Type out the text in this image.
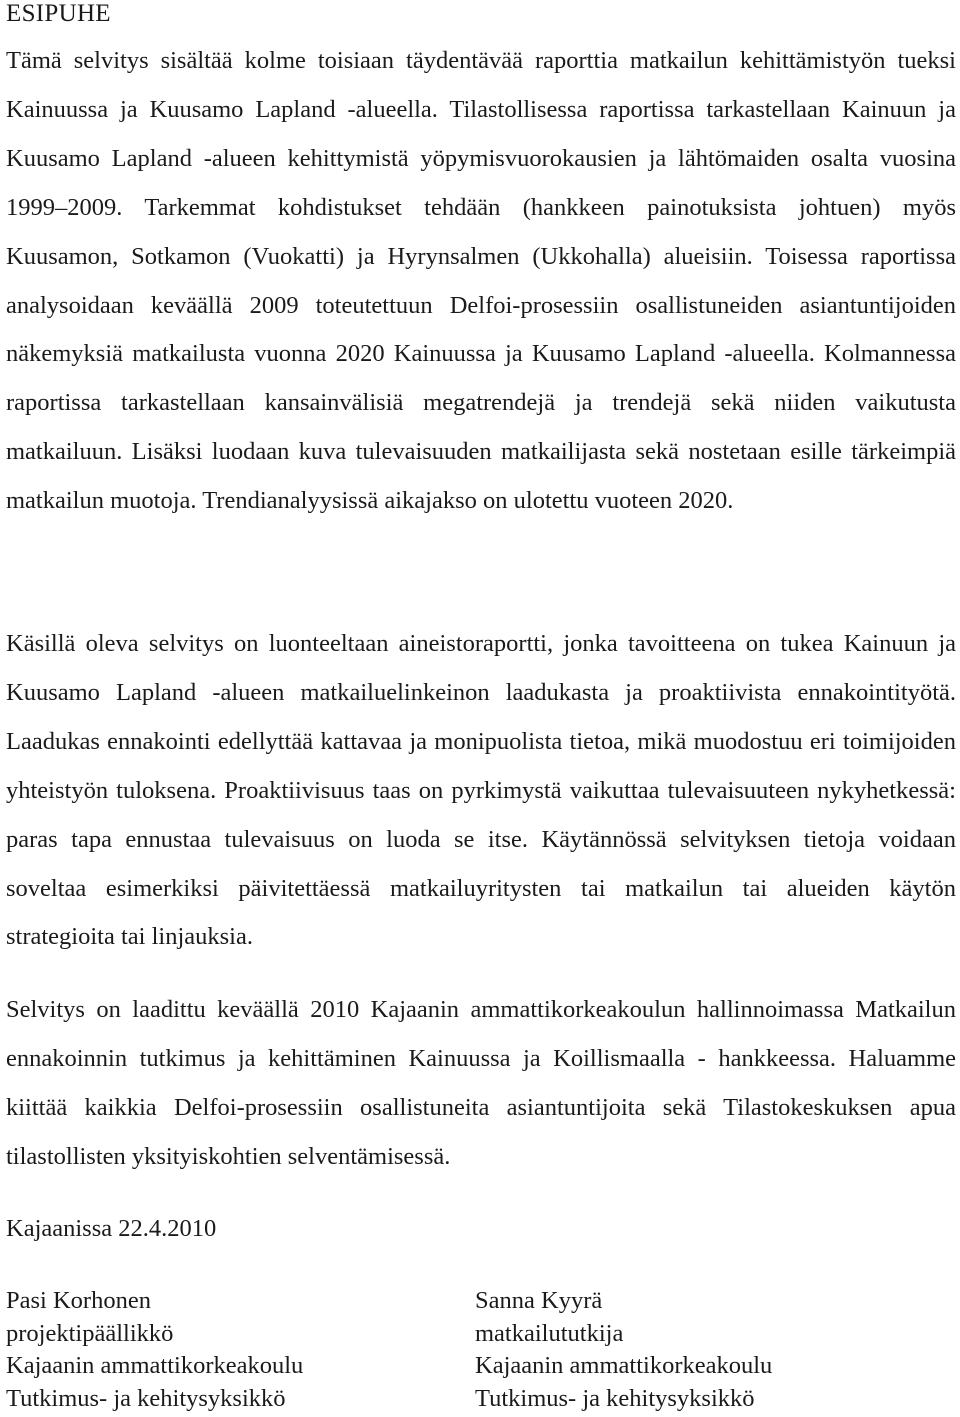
ESIPUHE

Tämä selvitys sisältää kolme toisiaan täydentävää raporttia matkailun kehittämistyön tueksi Kainuussa ja Kuusamo Lapland -alueella. Tilastollisessa raportissa tarkastellaan Kainuun ja Kuusamo Lapland -alueen kehittymistä yöpymisvuorokausien ja lähtömaiden osalta vuosina 1999–2009. Tarkemmat kohdistukset tehdään (hankkeen painotuksista johtuen) myös Kuusamon, Sotkamon (Vuokatti) ja Hyrynsalmen (Ukkohalla) alueisiin. Toisessa raportissa analysoidaan keväällä 2009 toteutettuun Delfoi-prosessiin osallistuneiden asiantuntijoiden näkemyksiä matkailusta vuonna 2020 Kainuussa ja Kuusamo Lapland -alueella. Kolmannessa raportissa tarkastellaan kansainvälisiä megatrendejä ja trendejä sekä niiden vaikutusta matkailuun. Lisäksi luodaan kuva tulevaisuuden matkailijasta sekä nostetaan esille tärkeimpiä matkailun muotoja. Trendianalyysissä aikajakso on ulotettu vuoteen 2020.

Käsillä oleva selvitys on luonteeltaan aineistoraportti, jonka tavoitteena on tukea Kainuun ja Kuusamo Lapland -alueen matkailuelinkeinon laadukasta ja proaktiivista ennakointityötä. Laadukas ennakointi edellyttää kattavaa ja monipuolista tietoa, mikä muodostuu eri toimijoiden yhteistyön tuloksena. Proaktiivisuus taas on pyrkimystä vaikuttaa tulevaisuuteen nykyhetkessä: paras tapa ennustaa tulevaisuus on luoda se itse. Käytännössä selvityksen tietoja voidaan soveltaa esimerkiksi päivitettäessä matkailuyritysten tai matkailun tai alueiden käytön strategioita tai linjauksia.

Selvitys on laadittu keväällä 2010 Kajaanin ammattikorkeakoulun hallinnoimassa Matkailun ennakoinnin tutkimus ja kehittäminen Kainuussa ja Koillismaalla - hankkeessa. Haluamme kiittää kaikkia Delfoi-prosessiin osallistuneita asiantuntijoita sekä Tilastokeskuksen apua tilastollisten yksityiskohtien selventämisessä.

Kajaanissa 22.4.2010

Pasi Korhonen
projektipäällikkö
Kajaanin ammattikorkeakoulu
Tutkimus- ja kehitysyksikkö
Sanna Kyyrä
matkailututkija
Kajaanin ammattikorkeakoulu
Tutkimus- ja kehitysyksikkö
